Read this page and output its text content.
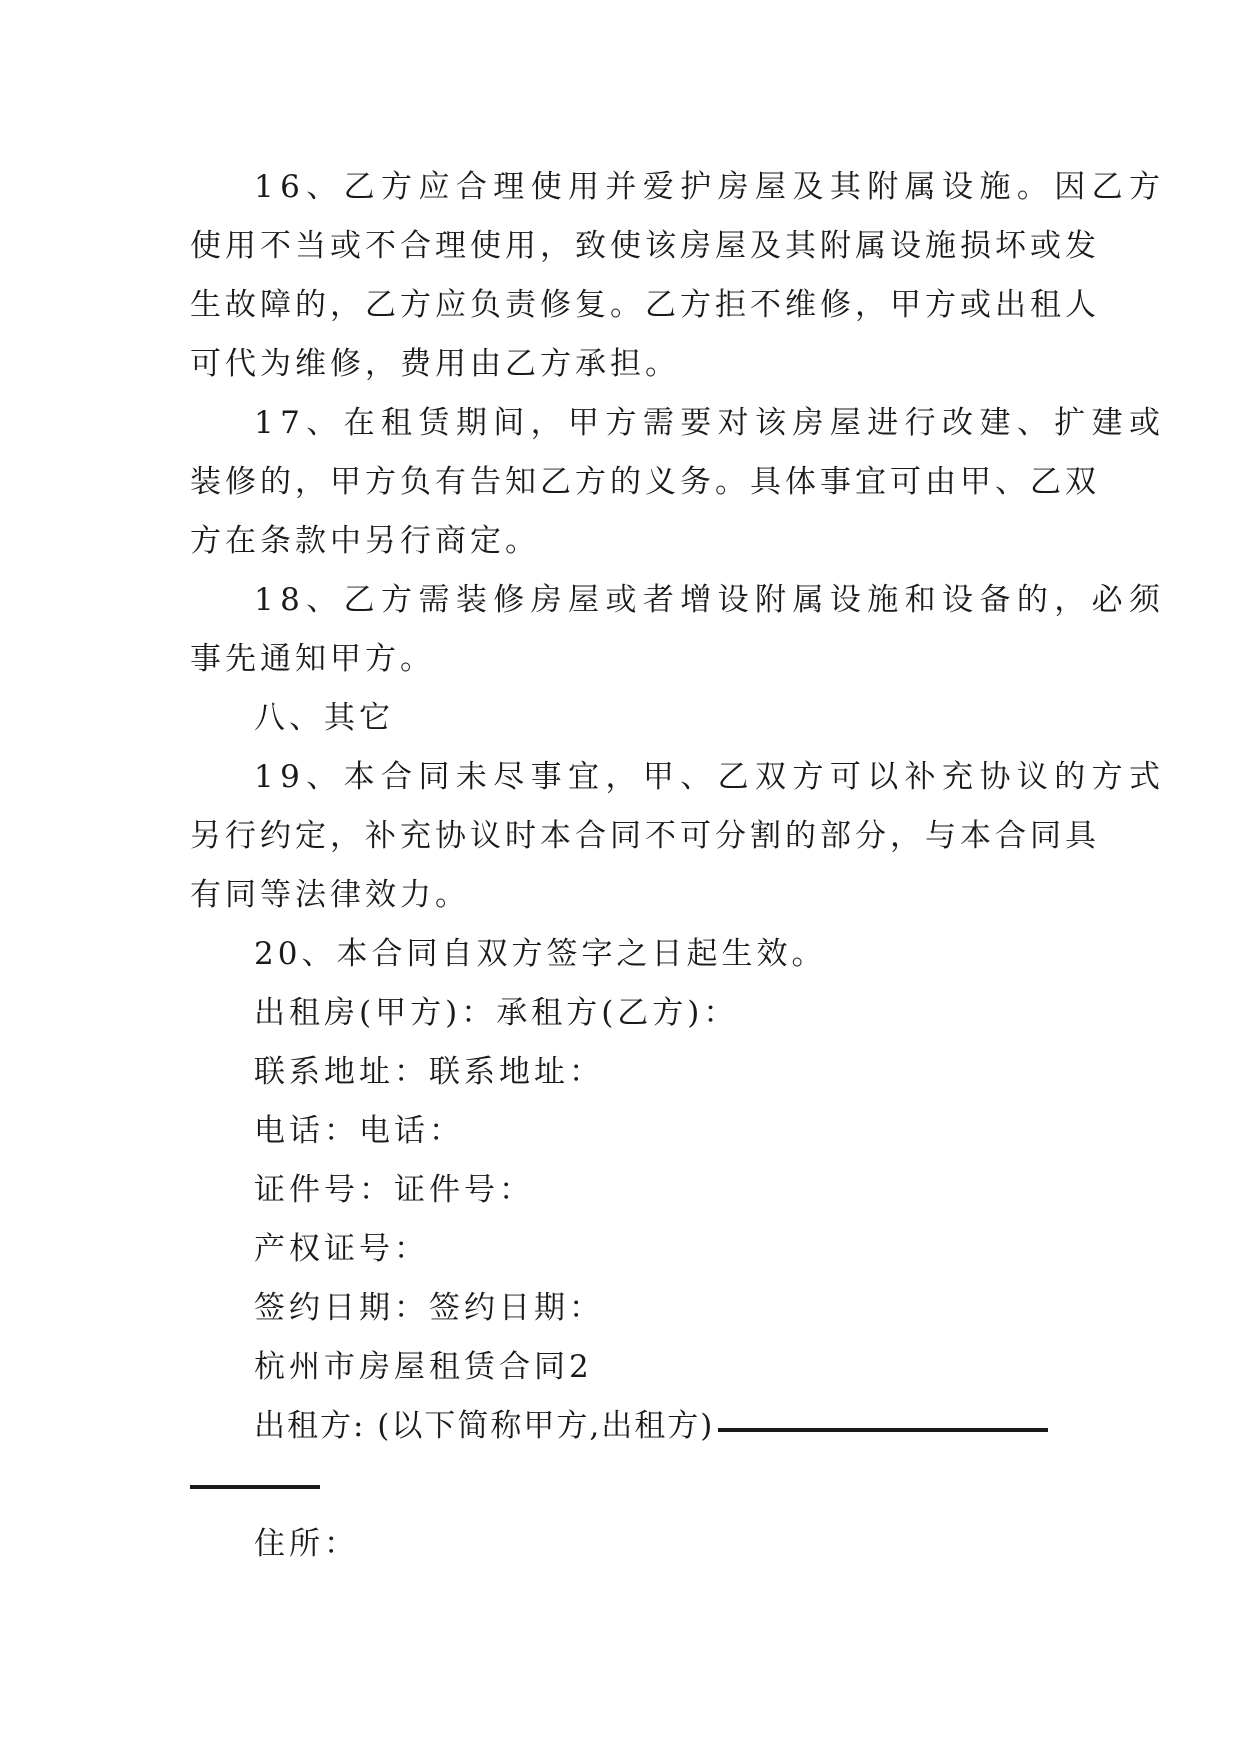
16、乙方应合理使用并爱护房屋及其附属设施。因乙方
使用不当或不合理使用，致使该房屋及其附属设施损坏或发
生故障的，乙方应负责修复。乙方拒不维修，甲方或出租人
可代为维修，费用由乙方承担。
17、在租赁期间，甲方需要对该房屋进行改建、扩建或
装修的，甲方负有告知乙方的义务。具体事宜可由甲、乙双
方在条款中另行商定。
18、乙方需装修房屋或者增设附属设施和设备的，必须
事先通知甲方。
八、其它
19、本合同未尽事宜，甲、乙双方可以补充协议的方式
另行约定，补充协议时本合同不可分割的部分，与本合同具
有同等法律效力。
20、本合同自双方签字之日起生效。
出租房(甲方)：承租方(乙方)：
联系地址：联系地址：
电话：电话：
证件号：证件号：
产权证号：
签约日期：签约日期：
杭州市房屋租赁合同2
出租方: (以下简称甲方,出租方)
住所：
